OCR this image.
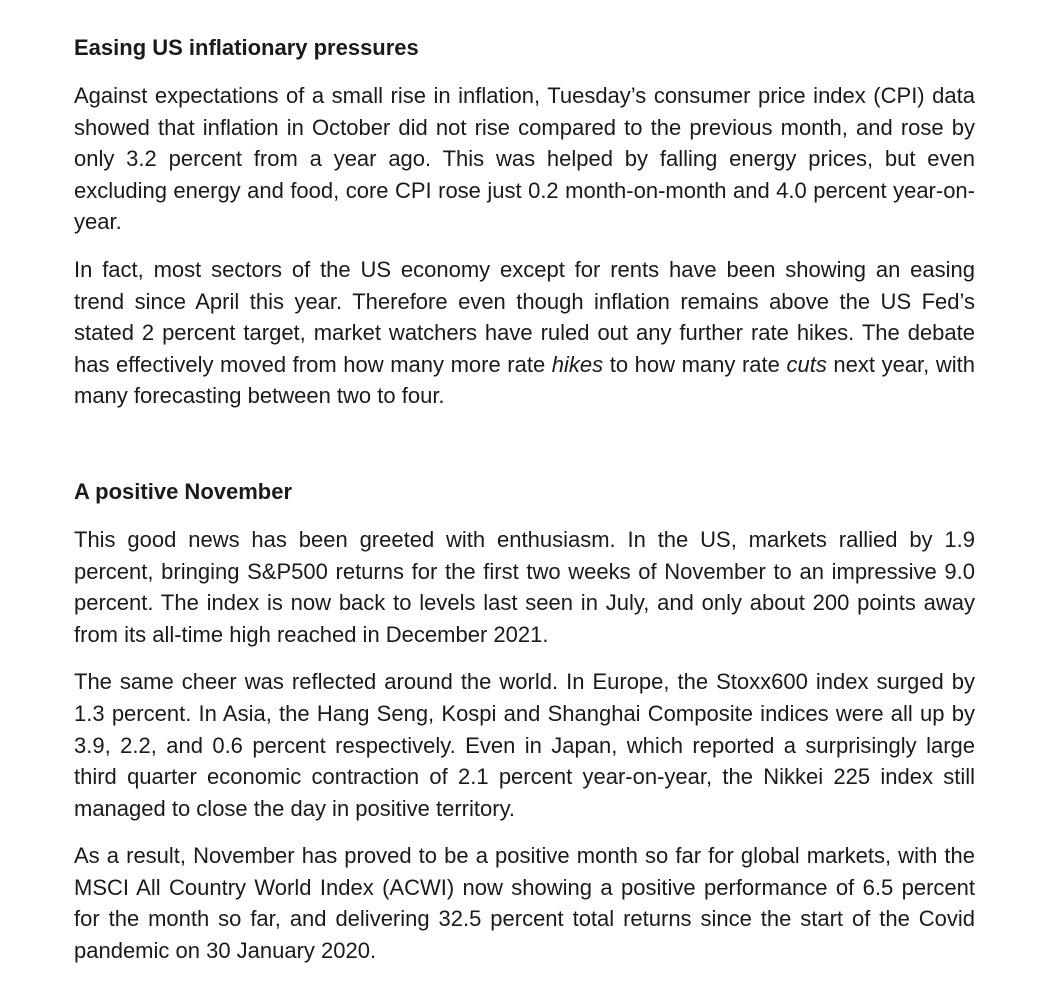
Easing US inflationary pressures

Against expectations of a small rise in inflation, Tuesday’s consumer price index (CPI) data showed that inflation in October did not rise compared to the previous month, and rose by only 3.2 percent from a year ago. This was helped by falling energy prices, but even excluding energy and food, core CPI rose just 0.2 month-on-month and 4.0 percent year-on-year.

In fact, most sectors of the US economy except for rents have been showing an easing trend since April this year. Therefore even though inflation remains above the US Fed’s stated 2 percent target, market watchers have ruled out any further rate hikes. The debate has effectively moved from how many more rate hikes to how many rate cuts next year, with many forecasting between two to four.

A positive November

This good news has been greeted with enthusiasm. In the US, markets rallied by 1.9 percent, bringing S&P500 returns for the first two weeks of November to an impressive 9.0 percent. The index is now back to levels last seen in July, and only about 200 points away from its all-time high reached in December 2021.

The same cheer was reflected around the world. In Europe, the Stoxx600 index surged by 1.3 percent. In Asia, the Hang Seng, Kospi and Shanghai Composite indices were all up by 3.9, 2.2, and 0.6 percent respectively. Even in Japan, which reported a surprisingly large third quarter economic contraction of 2.1 percent year-on-year, the Nikkei 225 index still managed to close the day in positive territory.

As a result, November has proved to be a positive month so far for global markets, with the MSCI All Country World Index (ACWI) now showing a positive performance of 6.5 percent for the month so far, and delivering 32.5 percent total returns since the start of the Covid pandemic on 30 January 2020.
